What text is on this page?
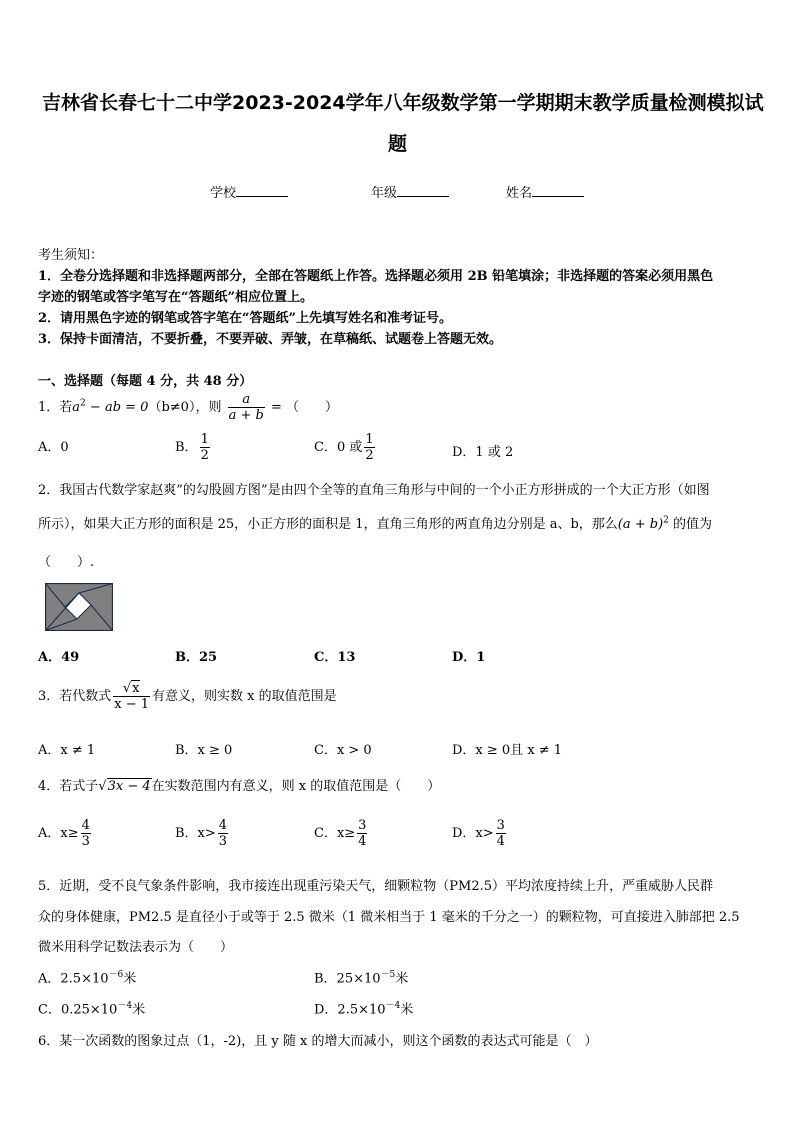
吉林省长春七十二中学2023-2024学年八年级数学第一学期期末教学质量检测模拟试
题
学校	年级	姓名
考生须知：
1．全卷分选择题和非选择题两部分，全部在答题纸上作答。选择题必须用 2B 铅笔填涂；非选择题的答案必须用黑色
字迹的钢笔或答字笔写在“答题纸”相应位置上。
2．请用黑色字迹的钢笔或答字笔在“答题纸”上先填写姓名和准考证号。
3．保持卡面清洁，不要折叠，不要弄破、弄皱，在草稿纸、试题卷上答题无效。
一、选择题（每题 4 分，共 48 分）
1．若$a^2$ − ab = 0（b≠0），则 $\frac{a}{a + b}$ = （　　）
A．0	B． $\frac{1}{2}$	C．0 或 $\frac{1}{2}$	D．1 或 2
2．我国古代数学家赵爽”的勾股圆方图”是由四个全等的直角三角形与中间的一个小正方形拼成的一个大正方形（如图
所示），如果大正方形的面积是 25，小正方形的面积是 1，直角三角形的两直角边分别是 a、b，那么$(a + b)^2$ 的值为
（　　）.
A．49	B．25	C．13	D．1
3．若代数式 $\frac{√x}{x - 1}$ 有意义，则实数 x 的取值范围是
A．x ≠ 1	B．x ≥ 0	C．x > 0	D．x ≥ 0且 x ≠ 1
4．若式子√3x − 4在实数范围内有意义，则 x 的取值范围是（　　）
A．$x\ge \frac{4}{3}$	B．$x> \frac{4}{3}$	C．$x\ge \frac{3}{4}$	D．$x> \frac{3}{4}$
5．近期，受不良气象条件影响，我市接连出现重污染天气，细颗粒物（PM2.5）平均浓度持续上升，严重威胁人民群
众的身体健康，PM2.5 是直径小于或等于 2.5 微米（1 微米相当于 1 毫米的千分之一）的颗粒物，可直接进入肺部把 2.5
微米用科学记数法表示为（　　）
A．$2.5\times 10^{-6}$米	B．$25\times 10^{-5}$米
C．$0.25\times 10^{-4}$米	D．$2.5\times 10^{-4}$米
6．某一次函数的图象过点（1，-2)，且 y 随 x 的增大而减小，则这个函数的表达式可能是（　）
